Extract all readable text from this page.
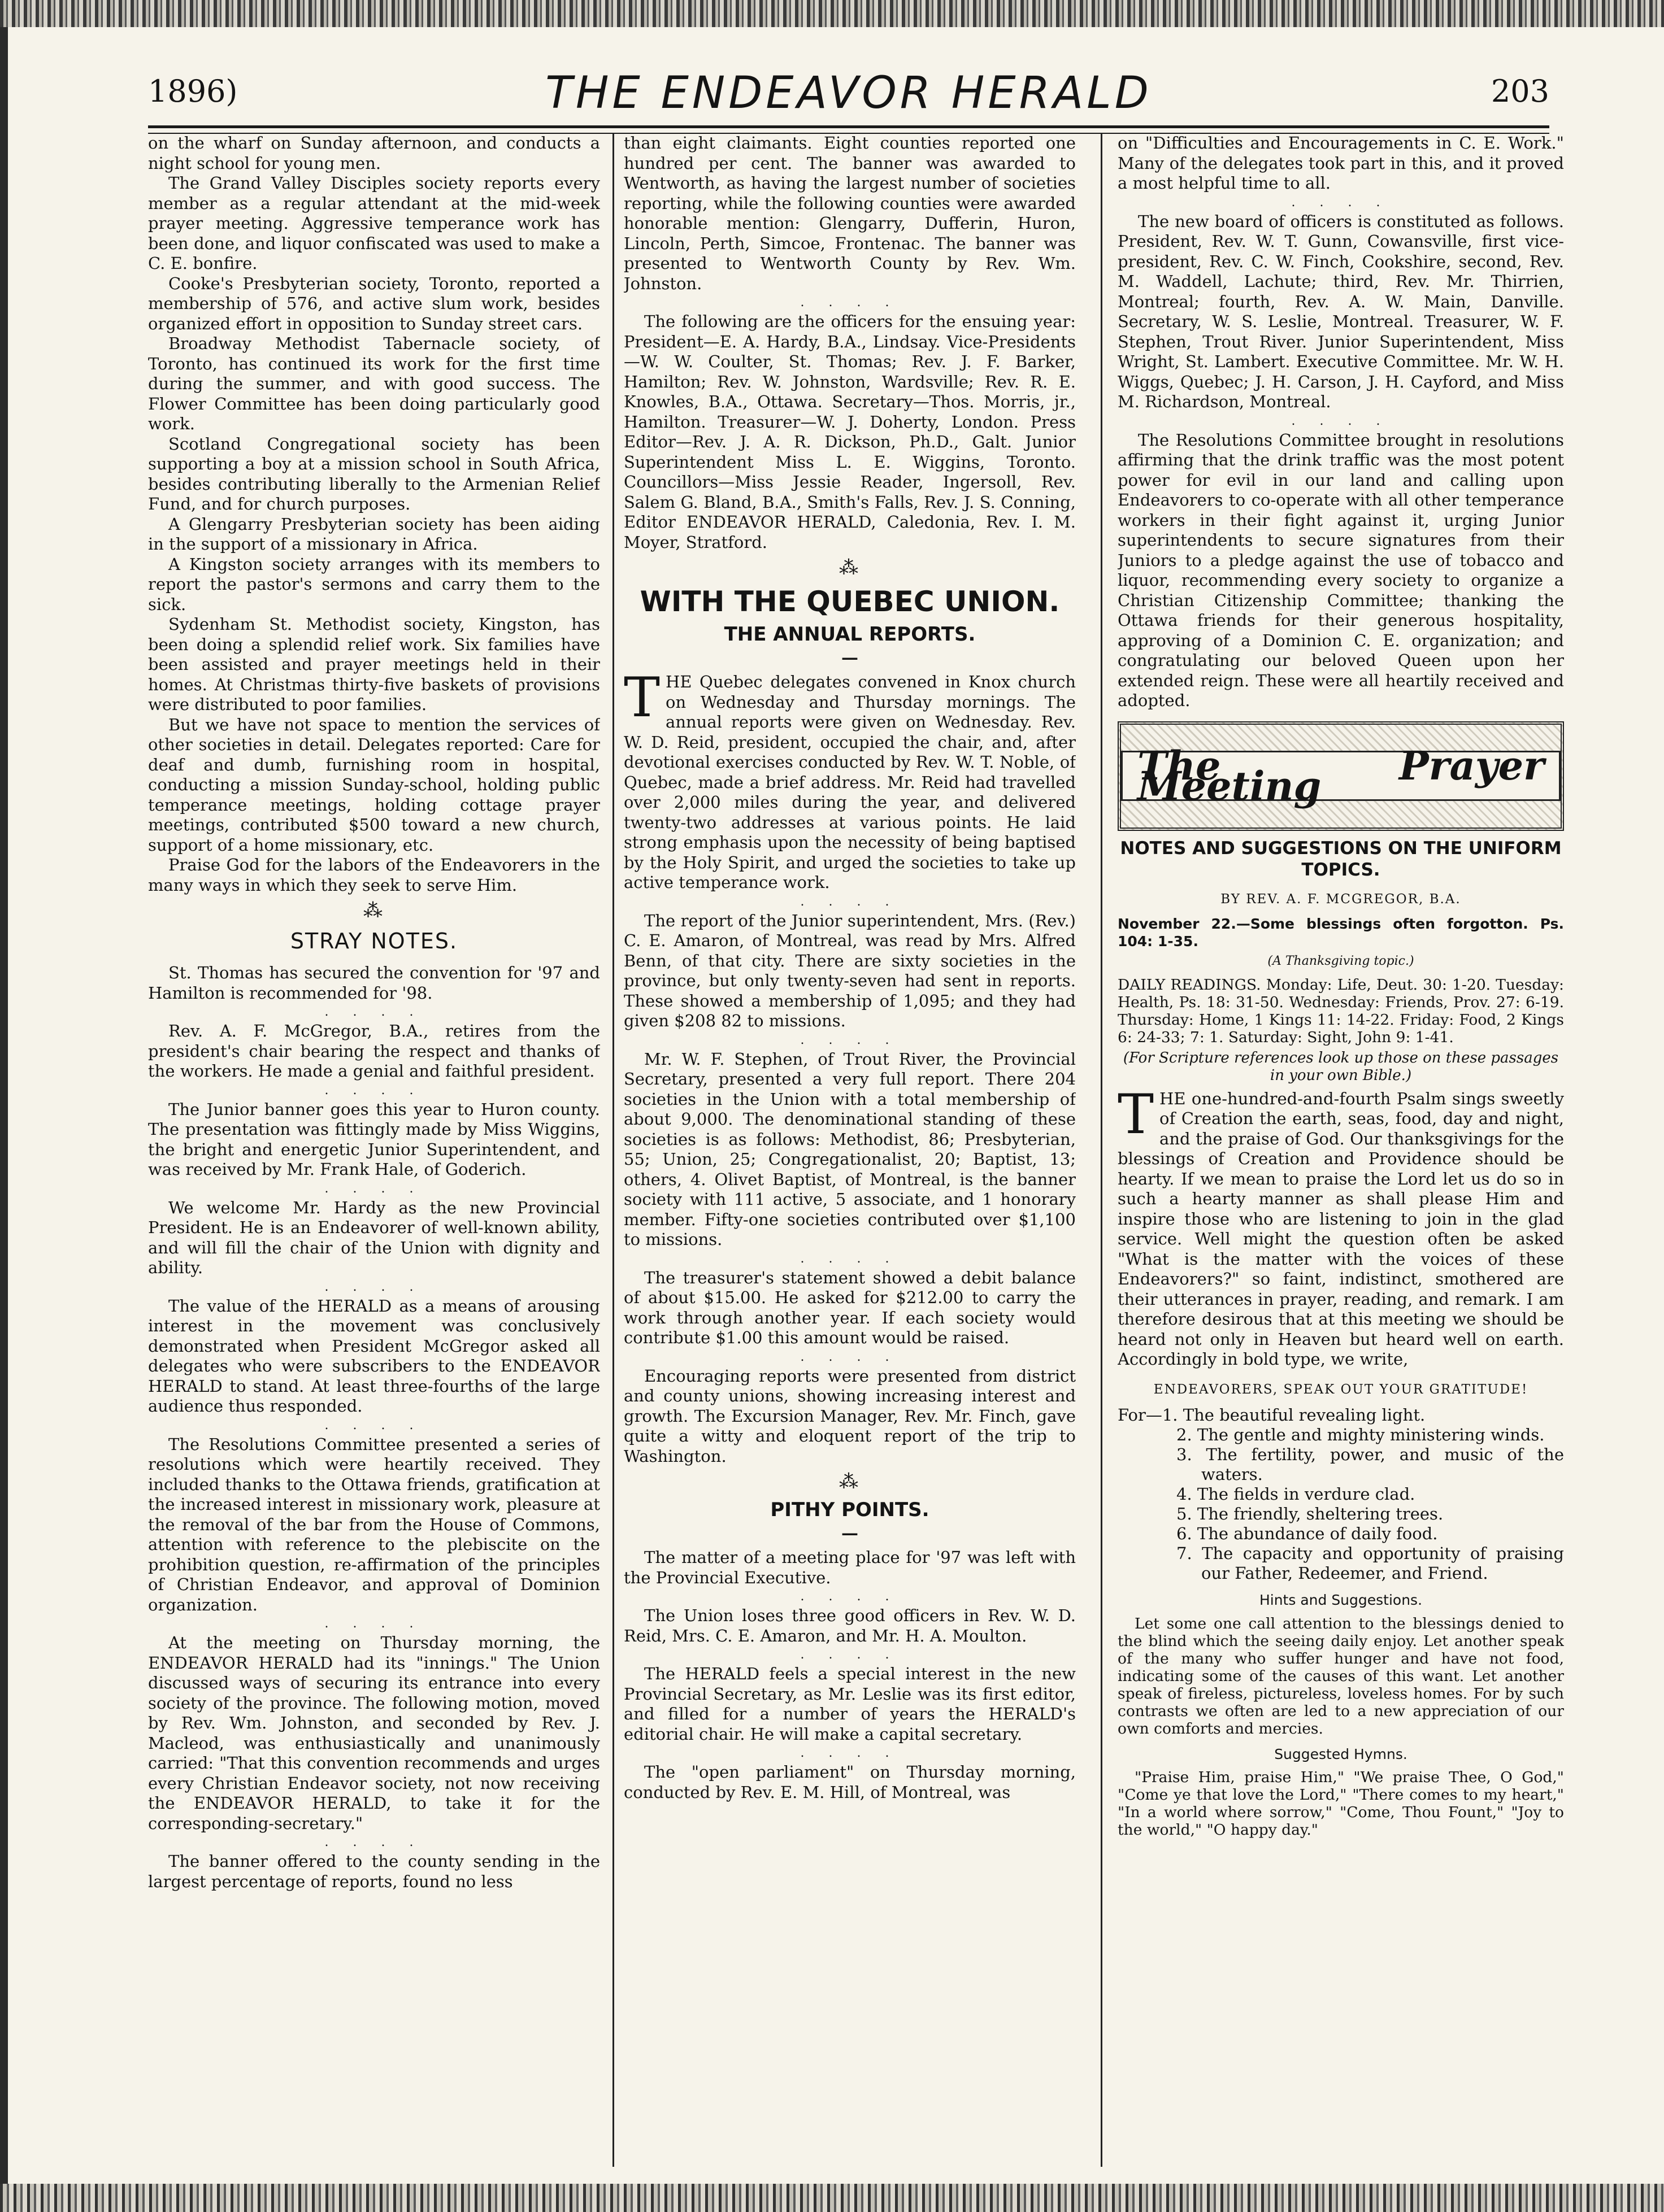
1896)	THE ENDEAVOR HERALD	203

on the wharf on Sunday afternoon, and conducts a night school for young men.

The Grand Valley Disciples society reports every member as a regular attendant at the mid-week prayer meeting. Aggressive temperance work has been done, and liquor confiscated was used to make a C. E. bonfire.

Cooke's Presbyterian society, Toronto, reported a membership of 576, and active slum work, besides organized effort in opposition to Sunday street cars.

Broadway Methodist Tabernacle society, of Toronto, has continued its work for the first time during the summer, and with good success. The Flower Committee has been doing particularly good work.

Scotland Congregational society has been supporting a boy at a mission school in South Africa, besides contributing liberally to the Armenian Relief Fund, and for church purposes.

A Glengarry Presbyterian society has been aiding in the support of a missionary in Africa.

A Kingston society arranges with its members to report the pastor's sermons and carry them to the sick.

Sydenham St. Methodist society, Kingston, has been doing a splendid relief work. Six families have been assisted and prayer meetings held in their homes. At Christmas thirty-five baskets of provisions were distributed to poor families.

But we have not space to mention the services of other societies in detail. Delegates reported: Care for deaf and dumb, furnishing room in hospital, conducting a mission Sunday-school, holding public temperance meetings, holding cottage prayer meetings, contributed $500 toward a new church, support of a home missionary, etc.

Praise God for the labors of the Endeavorers in the many ways in which they seek to serve Him.

⁂

STRAY NOTES.

St. Thomas has secured the convention for '97 and Hamilton is recommended for '98.

. . . .

Rev. A. F. McGregor, B.A., retires from the president's chair bearing the respect and thanks of the workers. He made a genial and faithful president.

. . . .

The Junior banner goes this year to Huron county. The presentation was fittingly made by Miss Wiggins, the bright and energetic Junior Superintendent, and was received by Mr. Frank Hale, of Goderich.

. . . .

We welcome Mr. Hardy as the new Provincial President. He is an Endeavorer of well-known ability, and will fill the chair of the Union with dignity and ability.

. . . .

The value of the HERALD as a means of arousing interest in the movement was conclusively demonstrated when President McGregor asked all delegates who were subscribers to the ENDEAVOR HERALD to stand. At least three-fourths of the large audience thus responded.

. . . .

The Resolutions Committee presented a series of resolutions which were heartily received. They included thanks to the Ottawa friends, gratification at the increased interest in missionary work, pleasure at the removal of the bar from the House of Commons, attention with reference to the plebiscite on the prohibition question, re-affirmation of the principles of Christian Endeavor, and approval of Dominion organization.

. . . .

At the meeting on Thursday morning, the ENDEAVOR HERALD had its "innings." The Union discussed ways of securing its entrance into every society of the province. The following motion, moved by Rev. Wm. Johnston, and seconded by Rev. J. Macleod, was enthusiastically and unanimously carried: "That this convention recommends and urges every Christian Endeavor society, not now receiving the ENDEAVOR HERALD, to take it for the corresponding-secretary."

. . . .

The banner offered to the county sending in the largest percentage of reports, found no less

than eight claimants. Eight counties reported one hundred per cent. The banner was awarded to Wentworth, as having the largest number of societies reporting, while the following counties were awarded honorable mention: Glengarry, Dufferin, Huron, Lincoln, Perth, Simcoe, Frontenac. The banner was presented to Wentworth County by Rev. Wm. Johnston.

. . . .

The following are the officers for the ensuing year: President—E. A. Hardy, B.A., Lindsay. Vice-Presidents—W. W. Coulter, St. Thomas; Rev. J. F. Barker, Hamilton; Rev. W. Johnston, Wardsville; Rev. R. E. Knowles, B.A., Ottawa. Secretary—Thos. Morris, jr., Hamilton. Treasurer—W. J. Doherty, London. Press Editor—Rev. J. A. R. Dickson, Ph.D., Galt. Junior Superintendent Miss L. E. Wiggins, Toronto. Councillors—Miss Jessie Reader, Ingersoll, Rev. Salem G. Bland, B.A., Smith's Falls, Rev. J. S. Conning, Editor ENDEAVOR HERALD, Caledonia, Rev. I. M. Moyer, Stratford.

⁂

WITH THE QUEBEC UNION.

THE ANNUAL REPORTS.

—

THE Quebec delegates convened in Knox church on Wednesday and Thursday mornings. The annual reports were given on Wednesday. Rev. W. D. Reid, president, occupied the chair, and, after devotional exercises conducted by Rev. W. T. Noble, of Quebec, made a brief address. Mr. Reid had travelled over 2,000 miles during the year, and delivered twenty-two addresses at various points. He laid strong emphasis upon the necessity of being baptised by the Holy Spirit, and urged the societies to take up active temperance work.

. . . .

The report of the Junior superintendent, Mrs. (Rev.) C. E. Amaron, of Montreal, was read by Mrs. Alfred Benn, of that city. There are sixty societies in the province, but only twenty-seven had sent in reports. These showed a membership of 1,095; and they had given $208 82 to missions.

. . . .

Mr. W. F. Stephen, of Trout River, the Provincial Secretary, presented a very full report. There 204 societies in the Union with a total membership of about 9,000. The denominational standing of these societies is as follows: Methodist, 86; Presbyterian, 55; Union, 25; Congregationalist, 20; Baptist, 13; others, 4. Olivet Baptist, of Montreal, is the banner society with 111 active, 5 associate, and 1 honorary member. Fifty-one societies contributed over $1,100 to missions.

. . . .

The treasurer's statement showed a debit balance of about $15.00. He asked for $212.00 to carry the work through another year. If each society would contribute $1.00 this amount would be raised.

. . . .

Encouraging reports were presented from district and county unions, showing increasing interest and growth. The Excursion Manager, Rev. Mr. Finch, gave quite a witty and eloquent report of the trip to Washington.

⁂

PITHY POINTS.

—

The matter of a meeting place for '97 was left with the Provincial Executive.

. . . .

The Union loses three good officers in Rev. W. D. Reid, Mrs. C. E. Amaron, and Mr. H. A. Moulton.

. . . .

The HERALD feels a special interest in the new Provincial Secretary, as Mr. Leslie was its first editor, and filled for a number of years the HERALD's editorial chair. He will make a capital secretary.

. . . .

The "open parliament" on Thursday morning, conducted by Rev. E. M. Hill, of Montreal, was

on "Difficulties and Encouragements in C. E. Work." Many of the delegates took part in this, and it proved a most helpful time to all.

. . . .

The new board of officers is constituted as follows. President, Rev. W. T. Gunn, Cowansville, first vice-president, Rev. C. W. Finch, Cookshire, second, Rev. M. Waddell, Lachute; third, Rev. Mr. Thirrien, Montreal; fourth, Rev. A. W. Main, Danville. Secretary, W. S. Leslie, Montreal. Treasurer, W. F. Stephen, Trout River. Junior Superintendent, Miss Wright, St. Lambert. Executive Committee. Mr. W. H. Wiggs, Quebec; J. H. Carson, J. H. Cayford, and Miss M. Richardson, Montreal.

. . . .

The Resolutions Committee brought in resolutions affirming that the drink traffic was the most potent power for evil in our land and calling upon Endeavorers to co-operate with all other temperance workers in their fight against it, urging Junior superintendents to secure signatures from their Juniors to a pledge against the use of tobacco and liquor, recommending every society to organize a Christian Citizenship Committee; thanking the Ottawa friends for their generous hospitality, approving of a Dominion C. E. organization; and congratulating our beloved Queen upon her extended reign. These were all heartily received and adopted.

The Prayer Meeting

NOTES AND SUGGESTIONS ON THE UNIFORM TOPICS.

BY REV. A. F. MCGREGOR, B.A.

November 22.—Some blessings often forgotton. Ps. 104: 1-35.

(A Thanksgiving topic.)

DAILY READINGS. Monday: Life, Deut. 30: 1-20. Tuesday: Health, Ps. 18: 31-50. Wednesday: Friends, Prov. 27: 6-19. Thursday: Home, 1 Kings 11: 14-22. Friday: Food, 2 Kings 6: 24-33; 7: 1. Saturday: Sight, John 9: 1-41.

(For Scripture references look up those on these passages in your own Bible.)

THE one-hundred-and-fourth Psalm sings sweetly of Creation the earth, seas, food, day and night, and the praise of God. Our thanksgivings for the blessings of Creation and Providence should be hearty. If we mean to praise the Lord let us do so in such a hearty manner as shall please Him and inspire those who are listening to join in the glad service. Well might the question often be asked "What is the matter with the voices of these Endeavorers?" so faint, indistinct, smothered are their utterances in prayer, reading, and remark. I am therefore desirous that at this meeting we should be heard not only in Heaven but heard well on earth. Accordingly in bold type, we write,

ENDEAVORERS, SPEAK OUT YOUR GRATITUDE!

For—1. The beautiful revealing light.
2. The gentle and mighty ministering winds.
3. The fertility, power, and music of the waters.
4. The fields in verdure clad.
5. The friendly, sheltering trees.
6. The abundance of daily food.
7. The capacity and opportunity of praising our Father, Redeemer, and Friend.

Hints and Suggestions.

Let some one call attention to the blessings denied to the blind which the seeing daily enjoy. Let another speak of the many who suffer hunger and have not food, indicating some of the causes of this want. Let another speak of fireless, pictureless, loveless homes. For by such contrasts we often are led to a new appreciation of our own comforts and mercies.

Suggested Hymns.

"Praise Him, praise Him," "We praise Thee, O God," "Come ye that love the Lord," "There comes to my heart," "In a world where sorrow," "Come, Thou Fount," "Joy to the world," "O happy day."
